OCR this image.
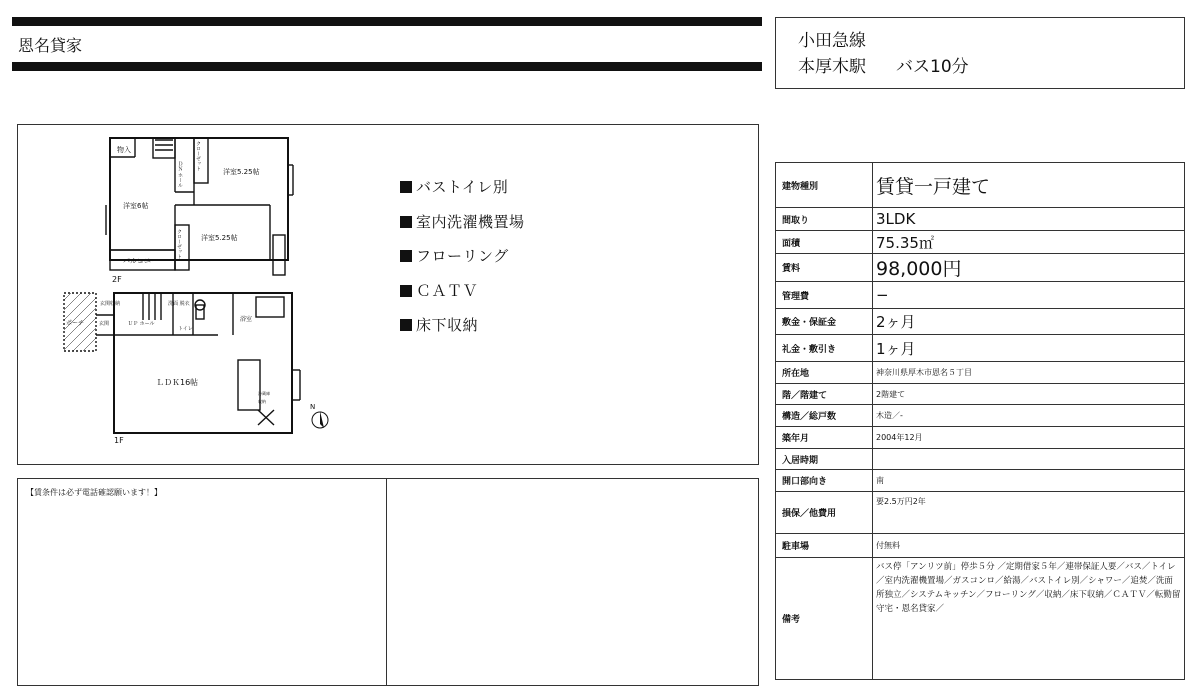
恩名貸家	小田急線
本厚木駅 バス10分
物入
洋室6帖
洋室5.25帖
洋室5.25帖
バルコニー
クローゼット
クローゼット
ＤＮ ホール
2F
ＬＤＫ16帖
ポーチ	玄関
玄関収納	洗面 脱衣
ＵＰ ホール
トイレ
浴室
冷蔵庫
収納
1F
N
バストイレ別
室内洗濯機置場
フローリング
ＣＡＴＶ
床下収納
【賃条件は必ず電話確認願います！】
建物種別	賃貸一戸建て
間取り	3LDK
面積	75.35㎡
賃料	98,000円
管理費	−
敷金・保証金	2ヶ月
礼金・敷引き	1ヶ月
所在地	神奈川県厚木市恩名５丁目
階／階建て	2階建て
構造／総戸数	木造／-
築年月	2004年12月
入居時期	
開口部向き	南
損保／他費用	要2.5万円2年
駐車場	付無料
備考	バス停「アンリツ前」停歩５分 ／定期借家５年／連帯保証人要／バス／トイレ／室内洗濯機置場／ガスコンロ／給湯／バストイレ別／シャワー／追焚／洗面所独立／システムキッチン／フローリング／収納／床下収納／ＣＡＴＶ／転勤留守宅・恩名貸家／
